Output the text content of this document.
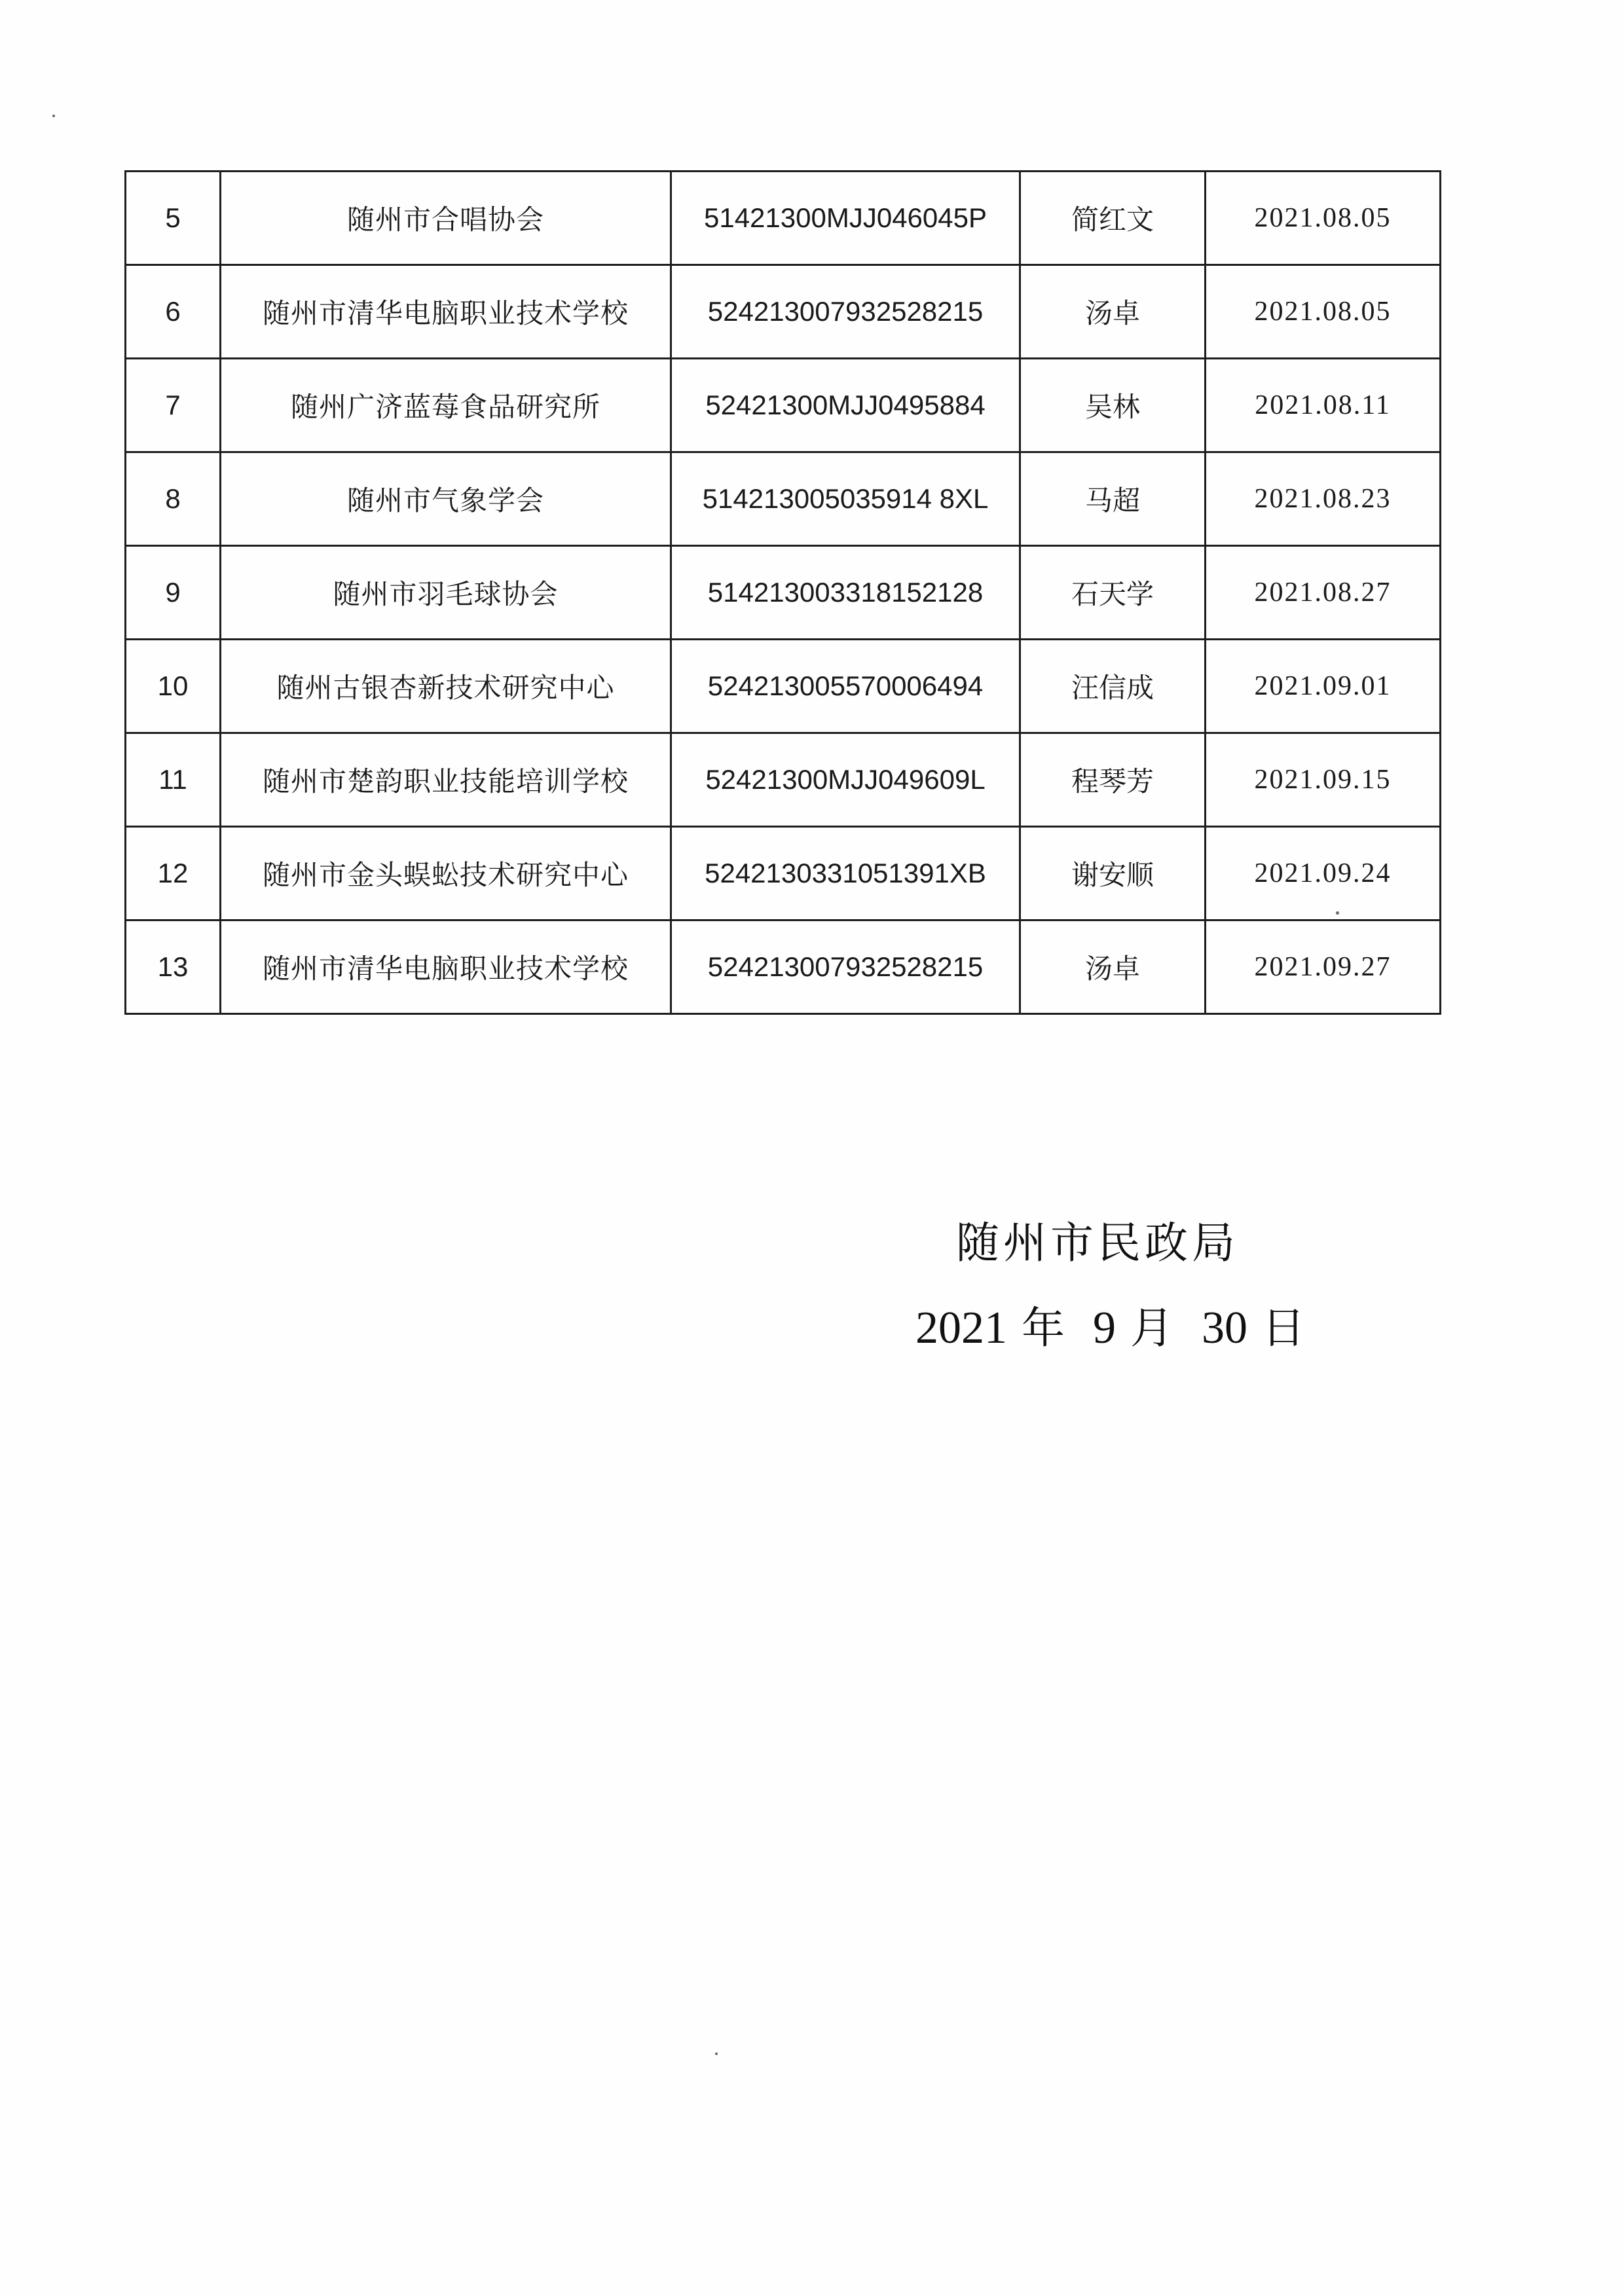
5	随州市合唱协会	51421300MJJ046045P	简红文	2021.08.05
6	随州市清华电脑职业技术学校	524213007932528215	汤卓	2021.08.05
7	随州广济蓝莓食品研究所	52421300MJJ0495884	吴林	2021.08.11
8	随州市气象学会	514213005035914 8XL	马超	2021.08.23
9	随州市羽毛球协会	514213003318152128	石天学	2021.08.27
10	随州古银杏新技术研究中心	524213005570006494	汪信成	2021.09.01
11	随州市楚韵职业技能培训学校	52421300MJJ049609L	程琴芳	2021.09.15
12	随州市金头蜈蚣技术研究中心	5242130331051391XB	谢安顺	2021.09.24
13	随州市清华电脑职业技术学校	524213007932528215	汤卓	2021.09.27
随州市民政局
2021 年 9 月 30 日
